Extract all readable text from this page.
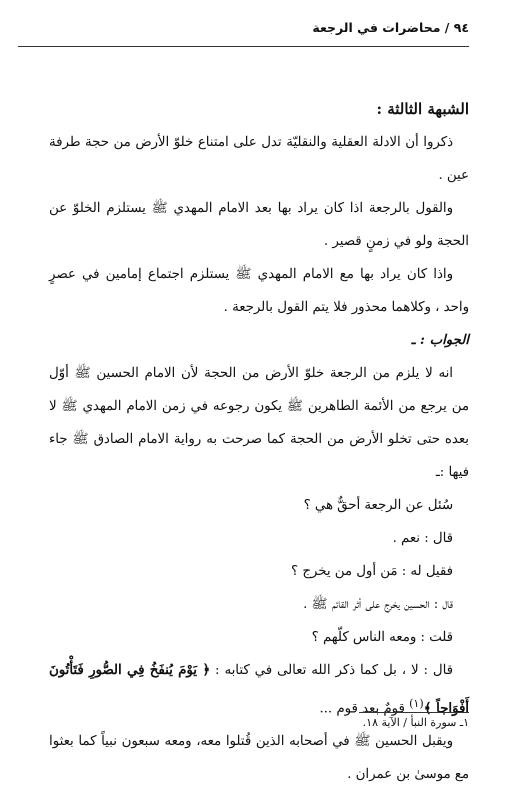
٩٤ / محاضرات في الرجعة
الشبهة الثالثة :

ذكروا أن الادلة العقلية والنقليّة تدل على امتناع خلوّ الأرض من حجة طرفة عين .

والقول بالرجعة اذا كان يراد بها بعد الامام المهدي ﷺ يستلزم الخلوّ عن الحجة ولو في زمنٍ قصير .

واذا كان يراد بها مع الامام المهدي ﷺ يستلزم اجتماع إمامين في عصرٍ واحد ، وكلاهما محذور فلا يتم القول بالرجعة .

الجواب : ـ

انه لا يلزم من الرجعة خلوّ الأرض من الحجة لأن الامام الحسين ﷺ أوّل من يرجع من الأئمة الطاهرين ﷺ يكون رجوعه في زمن الامام المهدي ﷺ لا بعده حتى تخلو الأرض من الحجة كما صرحت به رواية الامام الصادق ﷺ جاء فيها :ـ

سُئل عن الرجعة أحقٌّ هي ؟

قال : نعم .

فقيل له : مَن أول من يخرج ؟

قال : الحسين يخرج على أثر القائم ﷺ .

قلت : ومعه الناس كلّهم ؟

قال : لا ، بل كما ذكر الله تعالى في كتابه : ﴿ يَوْمَ يُنفَخُ فِي الصُّورِ فَتَأْتُونَ أَفْوَاجاً ﴾$^{(١)}$ قومٌ بعد قوم ...

ويقبل الحسين ﷺ في أصحابه الذين قُتلوا معه، ومعه سبعون نبياً كما بعثوا مع موسىٰ بن عمران .

١ـ سورة النبأ / الآية ١٨.
